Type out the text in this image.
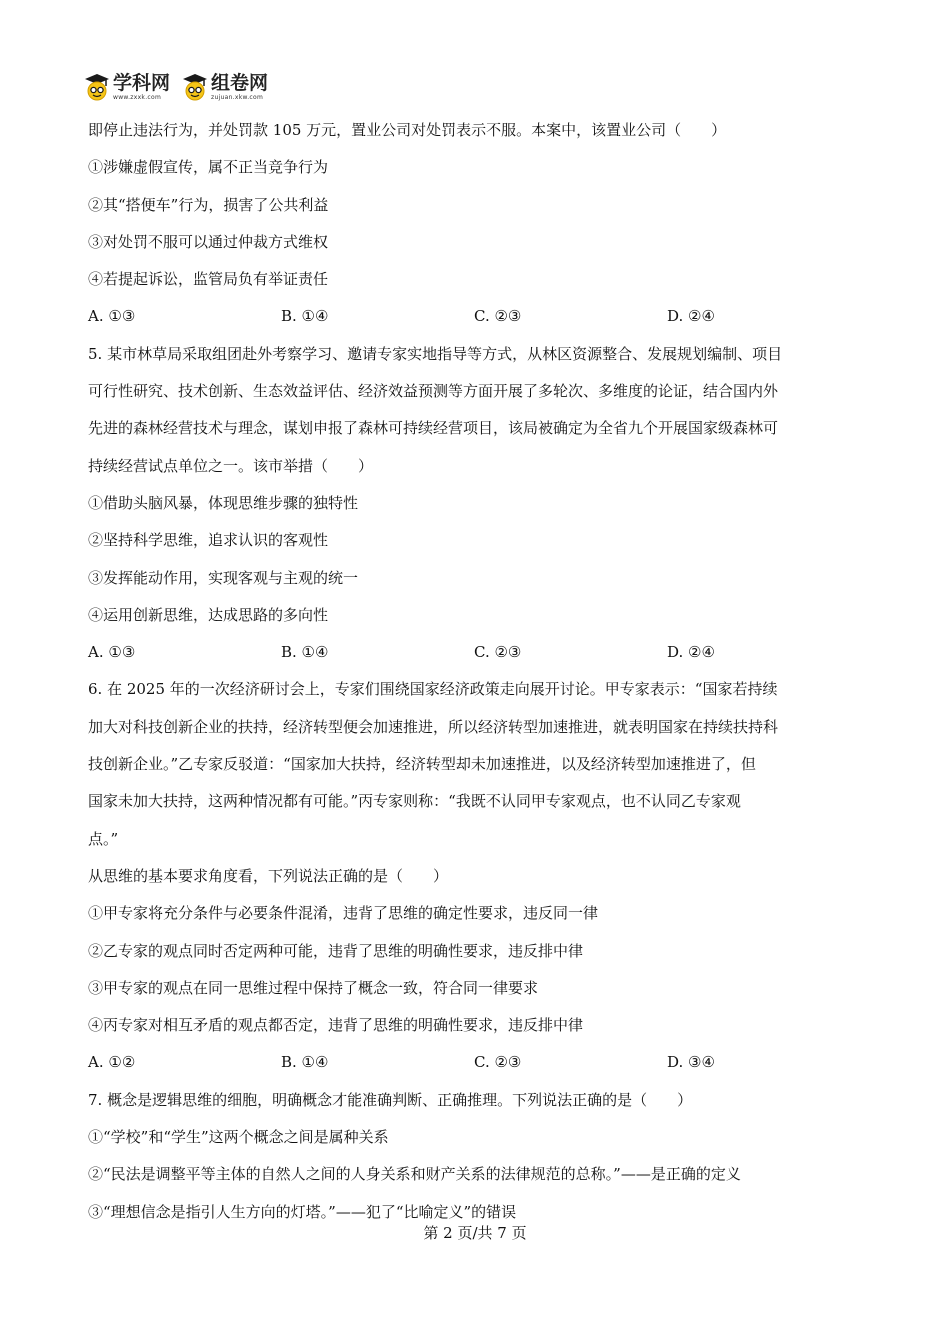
学科网
www.zxxk.com
组卷网
zujuan.xkw.com
即停止违法行为，并处罚款 105 万元，置业公司对处罚表示不服。本案中，该置业公司（　　）
①涉嫌虚假宣传，属不正当竞争行为
②其“搭便车”行为，损害了公共利益
③对处罚不服可以通过仲裁方式维权
④若提起诉讼，监管局负有举证责任
A. ①③	B. ①④	C. ②③	D. ②④
5. 某市林草局采取组团赴外考察学习、邀请专家实地指导等方式，从林区资源整合、发展规划编制、项目
可行性研究、技术创新、生态效益评估、经济效益预测等方面开展了多轮次、多维度的论证，结合国内外
先进的森林经营技术与理念，谋划申报了森林可持续经营项目，该局被确定为全省九个开展国家级森林可
持续经营试点单位之一。该市举措（　　）
①借助头脑风暴，体现思维步骤的独特性
②坚持科学思维，追求认识的客观性
③发挥能动作用，实现客观与主观的统一
④运用创新思维，达成思路的多向性
A. ①③	B. ①④	C. ②③	D. ②④
6. 在 2025 年的一次经济研讨会上，专家们围绕国家经济政策走向展开讨论。甲专家表示：“国家若持续
加大对科技创新企业的扶持，经济转型便会加速推进，所以经济转型加速推进，就表明国家在持续扶持科
技创新企业。”乙专家反驳道：“国家加大扶持，经济转型却未加速推进，以及经济转型加速推进了，但
国家未加大扶持，这两种情况都有可能。”丙专家则称：“我既不认同甲专家观点，也不认同乙专家观
点。”
从思维的基本要求角度看，下列说法正确的是（　　）
①甲专家将充分条件与必要条件混淆，违背了思维的确定性要求，违反同一律
②乙专家的观点同时否定两种可能，违背了思维的明确性要求，违反排中律
③甲专家的观点在同一思维过程中保持了概念一致，符合同一律要求
④丙专家对相互矛盾的观点都否定，违背了思维的明确性要求，违反排中律
A. ①②	B. ①④	C. ②③	D. ③④
7. 概念是逻辑思维的细胞，明确概念才能准确判断、正确推理。下列说法正确的是（　　）
①“学校”和“学生”这两个概念之间是属种关系
②“民法是调整平等主体的自然人之间的人身关系和财产关系的法律规范的总称。”——是正确的定义
③“理想信念是指引人生方向的灯塔。”——犯了“比喻定义”的错误
第 2 页/共 7 页
